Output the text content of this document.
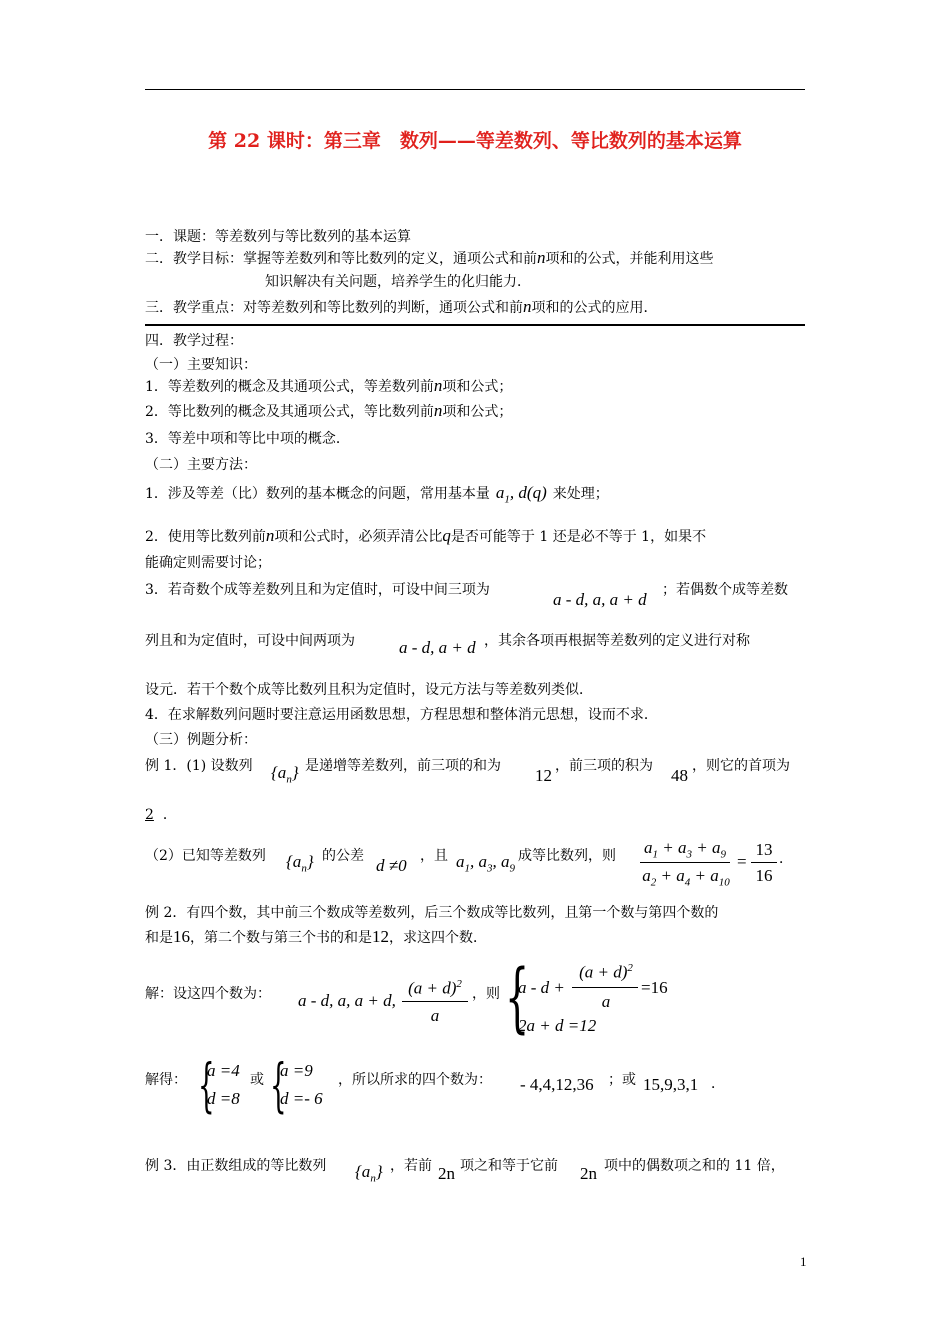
第 22 课时：第三章　数列——等差数列、等比数列的基本运算
一．课题：等差数列与等比数列的基本运算
二．教学目标：掌握等差数列和等比数列的定义，通项公式和前n项和的公式，并能利用这些
知识解决有关问题，培养学生的化归能力．
三．教学重点：对等差数列和等比数列的判断，通项公式和前n项和的公式的应用．
四．教学过程：
（一）主要知识：
1．等差数列的概念及其通项公式，等差数列前n项和公式；
2．等比数列的概念及其通项公式，等比数列前n项和公式；
3．等差中项和等比中项的概念．
（二）主要方法：
1．涉及等差（比）数列的基本概念的问题，常用基本量 $a_1$, d(q) 来处理；
2．使用等比数列前n项和公式时，必须弄清公比q是否可能等于 1 还是必不等于 1，如果不
能确定则需要讨论；
3．若奇数个成等差数列且和为定值时，可设中间三项为	a - d, a, a + d ；若偶数个成等差数
列且和为定值时，可设中间两项为	a - d, a + d ，其余各项再根据等差数列的定义进行对称
设元．若干个数个成等比数列且积为定值时，设元方法与等差数列类似．
4．在求解数列问题时要注意运用函数思想，方程思想和整体消元思想，设而不求．
（三）例题分析：
例 1．(1) 设数列 $\{a_n\}$ 是递增等差数列，前三项的和为 12 ，前三项的积为 48 ，则它的首项为
2  ．
（2）已知等差数列 $\{a_n\}$ 的公差 d ≠0 ，且 $a_1$, $a_3$, $a_9$
成等比数列，则 $a_1 + a_3 + a_9$
$a_2 + a_4 + a_{10}$
=
13
16
．
例 2．有四个数，其中前三个数成等差数列，后三个数成等比数列，且第一个数与第四个数的
和是16，第二个数与第三个书的和是12，求这四个数．
解：设这四个数为： a - d, a, a + d,
$(a + d)^2$
a
，则 {
a - d +
$(a + d)^2$
a
=16
2a + d =12
解得： {
a =4
d =8
或 {
a =9
d =- 6
，所以所求的四个数为： - 4,4,12,36 ；或 15,9,3,1 ．
例 3．由正数组成的等比数列 $\{a_n\}$ ，若前 2n 项之和等于它前 2n 项中的偶数项之和的 11 倍，
1
